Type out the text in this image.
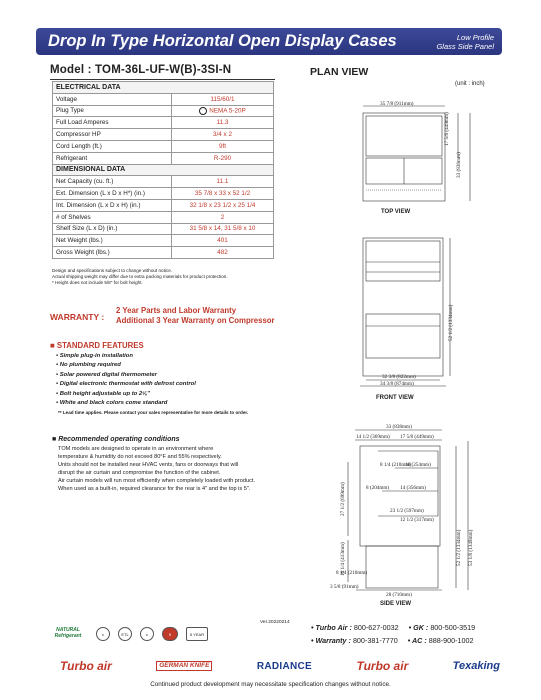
Drop In Type Horizontal Open Display Cases	Low Profile
Glass Side Panel
Model : TOM-36L-UF-W(B)-3SI-N
ELECTRICAL DATA	
Voltage	115/60/1
Plug Type	NEMA 5-20P
Full Load Amperes	11.3
Compressor HP	3/4 x 2
Cord Length (ft.)	9ft
Refrigerant	R-290
DIMENSIONAL DATA	
Net Capacity (cu. ft.)	11.1
Ext. Dimension (L x D x H*) (in.)	35 7/8 x 33 x 52 1/2
Int. Dimension (L x D x H) (in.)	32 1/8 x 23 1/2 x 25 1/4
# of Shelves	2
Shelf Size (L x D) (in.)	31 5/8 x 14, 31 5/8 x 10
Net Weight (lbs.)	401
Gross Weight (lbs.)	482
Design and specifications subject to change without notice.
Actual shipping weight may differ due to extra packing materials for product protection.
* Height does not include 5/8" for bolt height.
WARRANTY :
2 Year Parts and Labor Warranty
Additional 3 Year Warranty on Compressor
■ STANDARD FEATURES
• Simple plug-in installation
• No plumbing required
• Solar powered digital thermometer
• Digital electronic thermostat with defrost control
• Bolt height adjustable up to 2⅝"
• White and black colors come standard
** Lead time applies. Please contact your sales representative for more details to order.
■ Recommended operating conditions
TOM models are designed to operate in an environment where
temperature & humidity do not exceed 80°F and 55% respectively.
Units should not be installed near HVAC vents, fans or doorways that will
disrupt the air curtain and compromise the function of the cabinet.
Air curtain models will run most efficiently when completely loaded with product.
When used as a built-in, required clearance for the rear is 4" and the top is 5".
Ver.20220214
NATURAL Refrigerant	c	ETL	c	5 YEAR
5 YEAR
• Turbo Air : 800-627-0032 • GK : 800-500-3519
• Warranty : 800-381-7770 • AC : 888-900-1002
Turbo air	GERMAN KNIFE	RADIANCE	Turbo air	Texaking
Continued product development may necessitate specification changes without notice.
PLAN VIEW
(unit : inch)
35 7/8 (911mm)
17 5/8 (449mm)
33 (838mm)
52 1/2 (1334mm)
32 3/8 (822mm)
34 3/8 (874mm)
33 (838mm)
14 1/2 (369mm) 17 5/8 (449mm)
10 (254mm)
8 1/4 (210mm)
8 (204mm) 14 (356mm)
27 1/2 (699mm)	23 1/2 (597mm)
12 1/2 (317mm)
16 1/4 (413mm)
8 1/4 (210mm)
3 5/8 (91mm)
28 (710mm)
52 1/2 (1334mm) 53 1/8 (1349mm)
TOP VIEW
FRONT VIEW
SIDE VIEW
